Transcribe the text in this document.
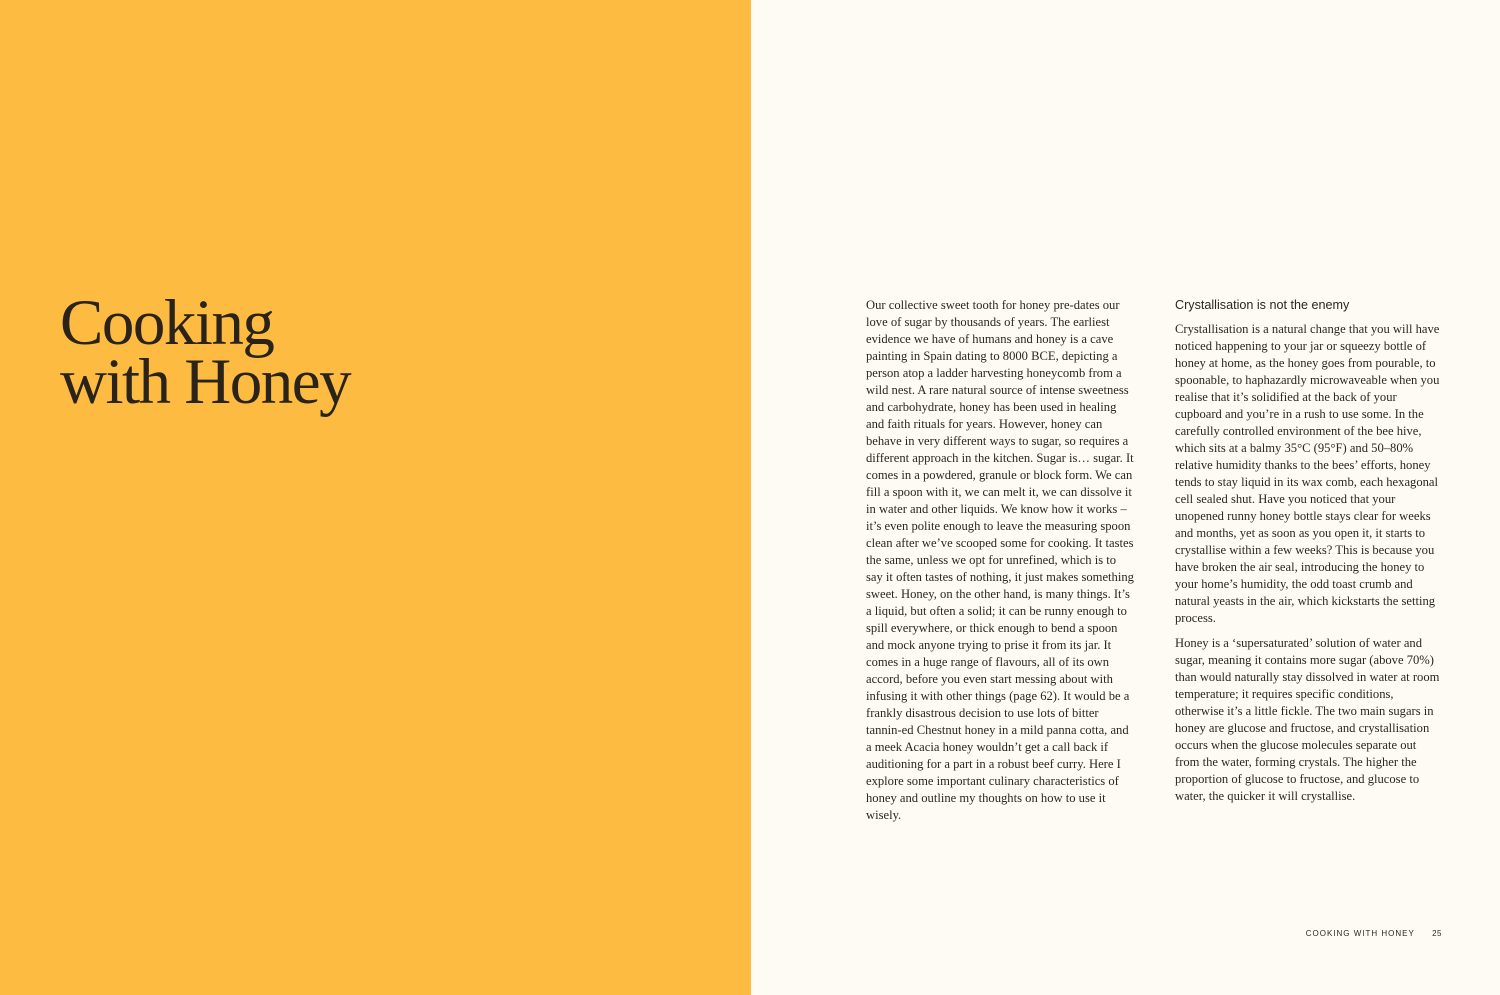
Cooking
with Honey

Our collective sweet tooth for honey pre-dates our love of sugar by thousands of years. The earliest evidence we have of humans and honey is a cave painting in Spain dating to 8000 BCE, depicting a person atop a ladder harvesting honeycomb from a wild nest. A rare natural source of intense sweetness and carbohydrate, honey has been used in healing and faith rituals for years. However, honey can behave in very different ways to sugar, so requires a different approach in the kitchen. Sugar is… sugar. It comes in a powdered, granule or block form. We can fill a spoon with it, we can melt it, we can dissolve it in water and other liquids. We know how it works – it’s even polite enough to leave the measuring spoon clean after we’ve scooped some for cooking. It tastes the same, unless we opt for unrefined, which is to say it often tastes of nothing, it just makes something sweet. Honey, on the other hand, is many things. It’s a liquid, but often a solid; it can be runny enough to spill everywhere, or thick enough to bend a spoon and mock anyone trying to prise it from its jar. It comes in a huge range of flavours, all of its own accord, before you even start messing about with infusing it with other things (page 62). It would be a frankly disastrous decision to use lots of bitter tannin-ed Chestnut honey in a mild panna cotta, and a meek Acacia honey wouldn’t get a call back if auditioning for a part in a robust beef curry. Here I explore some important culinary characteristics of honey and outline my thoughts on how to use it wisely.

Crystallisation is not the enemy

Crystallisation is a natural change that you will have noticed happening to your jar or squeezy bottle of honey at home, as the honey goes from pourable, to spoonable, to haphazardly microwaveable when you realise that it’s solidified at the back of your cupboard and you’re in a rush to use some. In the carefully controlled environment of the bee hive, which sits at a balmy 35°C (95°F) and 50–80% relative humidity thanks to the bees’ efforts, honey tends to stay liquid in its wax comb, each hexagonal cell sealed shut. Have you noticed that your unopened runny honey bottle stays clear for weeks and months, yet as soon as you open it, it starts to crystallise within a few weeks? This is because you have broken the air seal, introducing the honey to your home’s humidity, the odd toast crumb and natural yeasts in the air, which kickstarts the setting process.

Honey is a ‘supersaturated’ solution of water and sugar, meaning it contains more sugar (above 70%) than would naturally stay dissolved in water at room temperature; it requires specific conditions, otherwise it’s a little fickle. The two main sugars in honey are glucose and fructose, and crystallisation occurs when the glucose molecules separate out from the water, forming crystals. The higher the proportion of glucose to fructose, and glucose to water, the quicker it will crystallise.

COOKING WITH HONEY 25
